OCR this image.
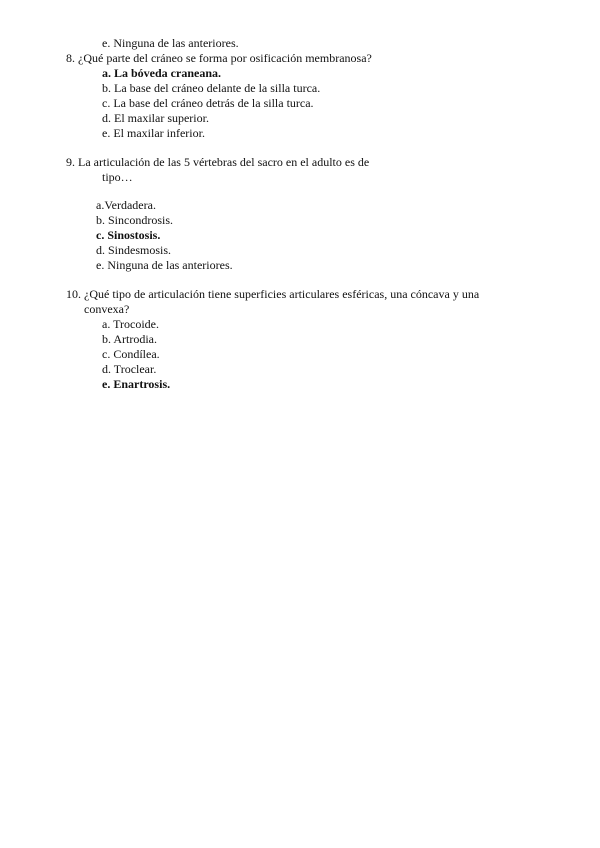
e. Ninguna de las anteriores.
8. ¿Qué parte del cráneo se forma por osificación membranosa?
a. La bóveda craneana.
b. La base del cráneo delante de la silla turca.
c. La base del cráneo detrás de la silla turca.
d. El maxilar superior.
e. El maxilar inferior.
9. La articulación de las 5 vértebras del sacro en el adulto es de
tipo…
a.Verdadera.
b. Sincondrosis.
c. Sinostosis.
d. Sindesmosis.
e. Ninguna de las anteriores.
10. ¿Qué tipo de articulación tiene superficies articulares esféricas, una cóncava y una
convexa?
a. Trocoide.
b. Artrodia.
c. Condílea.
d. Troclear.
e. Enartrosis.
